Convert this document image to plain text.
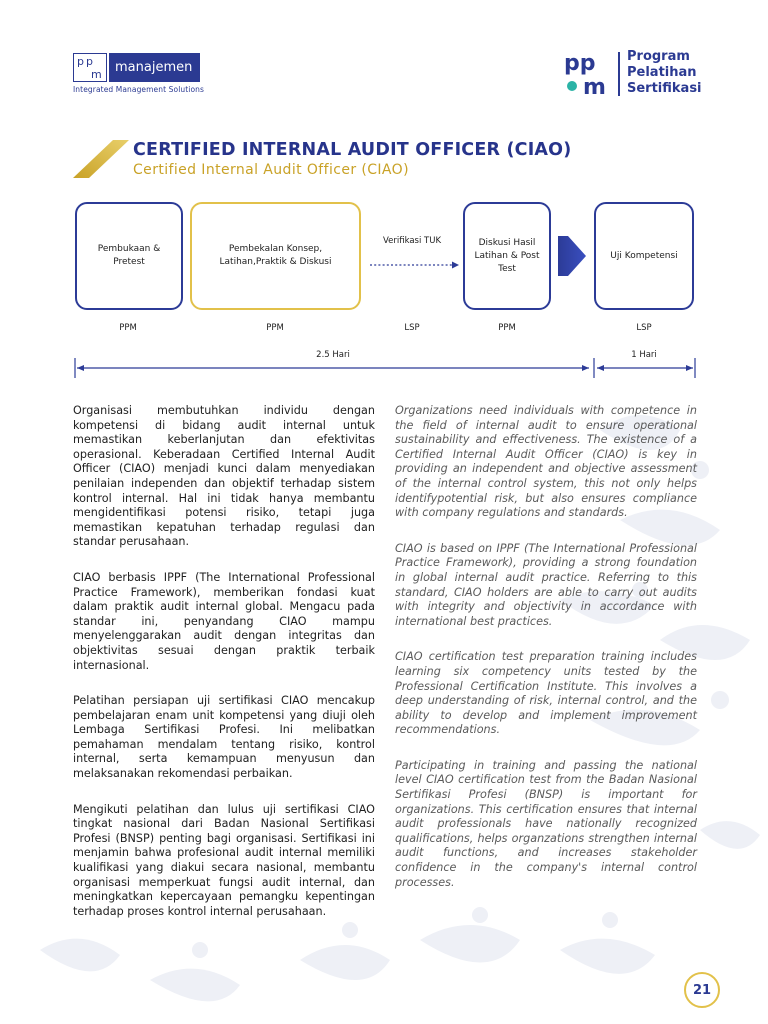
p p
m manajemen
Integrated Management Solutions
pp
m
Program
Pelatihan
Sertifikasi
CERTIFIED INTERNAL AUDIT OFFICER (CIAO)
Certified Internal Audit Officer (CIAO)
Pembukaan & Pretest
Pembekalan Konsep, Latihan,Praktik & Diskusi
Verifikasi TUK	Diskusi Hasil Latihan & Post Test
Uji Kompetensi
PPM	PPM	LSP	PPM	LSP
2.5 Hari	1 Hari

Organisasi membutuhkan individu dengan kompetensi di bidang audit internal untuk memastikan keberlanjutan dan efektivitas operasional. Keberadaan Certified Internal Audit Officer (CIAO) menjadi kunci dalam menyediakan penilaian independen dan objektif terhadap sistem kontrol internal. Hal ini tidak hanya membantu mengidentifikasi potensi risiko, tetapi juga memastikan kepatuhan terhadap regulasi dan standar perusahaan.

CIAO berbasis IPPF (The International Professional Practice Framework), memberikan fondasi kuat dalam praktik audit internal global. Mengacu pada standar ini, penyandang CIAO mampu menyelenggarakan audit dengan integritas dan objektivitas sesuai dengan praktik terbaik internasional.

Pelatihan persiapan uji sertifikasi CIAO mencakup pembelajaran enam unit kompetensi yang diuji oleh Lembaga Sertifikasi Profesi. Ini melibatkan pemahaman mendalam tentang risiko, kontrol internal, serta kemampuan menyusun dan melaksanakan rekomendasi perbaikan.

Mengikuti pelatihan dan lulus uji sertifikasi CIAO tingkat nasional dari Badan Nasional Sertifikasi Profesi (BNSP) penting bagi organisasi. Sertifikasi ini menjamin bahwa profesional audit internal memiliki kualifikasi yang diakui secara nasional, membantu organisasi memperkuat fungsi audit internal, dan meningkatkan kepercayaan pemangku kepentingan terhadap proses kontrol internal perusahaan.

Organizations need individuals with competence in the field of internal audit to ensure operational sustainability and effectiveness. The existence of a Certified Internal Audit Officer (CIAO) is key in providing an independent and objective assessment of the internal control system, this not only helps identifypotential risk, but also ensures compliance with company regulations and standards.

CIAO is based on IPPF (The International Professional Practice Framework), providing a strong foundation in global internal audit practice. Referring to this standard, CIAO holders are able to carry out audits with integrity and objectivity in accordance with international best practices.

CIAO certification test preparation training includes learning six competency units tested by the Professional Certification Institute. This involves a deep understanding of risk, internal control, and the ability to develop and implement improvement recommendations.

Participating in training and passing the national level CIAO certification test from the Badan Nasional Sertifikasi Profesi (BNSP) is important for organizations. This certification ensures that internal audit professionals have nationally recognized qualifications, helps organzations strengthen internal audit functions, and increases stakeholder confidence in the company's internal control processes.

21
